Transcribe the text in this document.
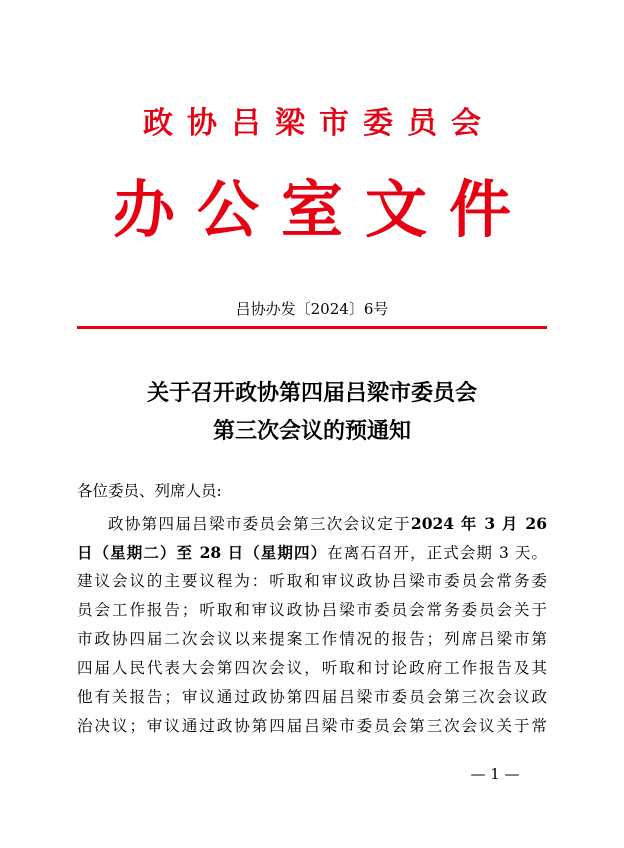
政协吕梁市委员会
办公室文件
吕协办发〔2024〕6号
关于召开政协第四届吕梁市委员会
第三次会议的预通知
各位委员、列席人员:
政协第四届吕梁市委员会第三次会议定于2024 年 3 月 26
日（星期二）至 28 日（星期四）在离石召开，正式会期 3 天。
建议会议的主要议程为：听取和审议政协吕梁市委员会常务委
员会工作报告；听取和审议政协吕梁市委员会常务委员会关于
市政协四届二次会议以来提案工作情况的报告；列席吕梁市第
四届人民代表大会第四次会议，听取和讨论政府工作报告及其
他有关报告；审议通过政协第四届吕梁市委员会第三次会议政
治决议；审议通过政协第四届吕梁市委员会第三次会议关于常
— 1 —
